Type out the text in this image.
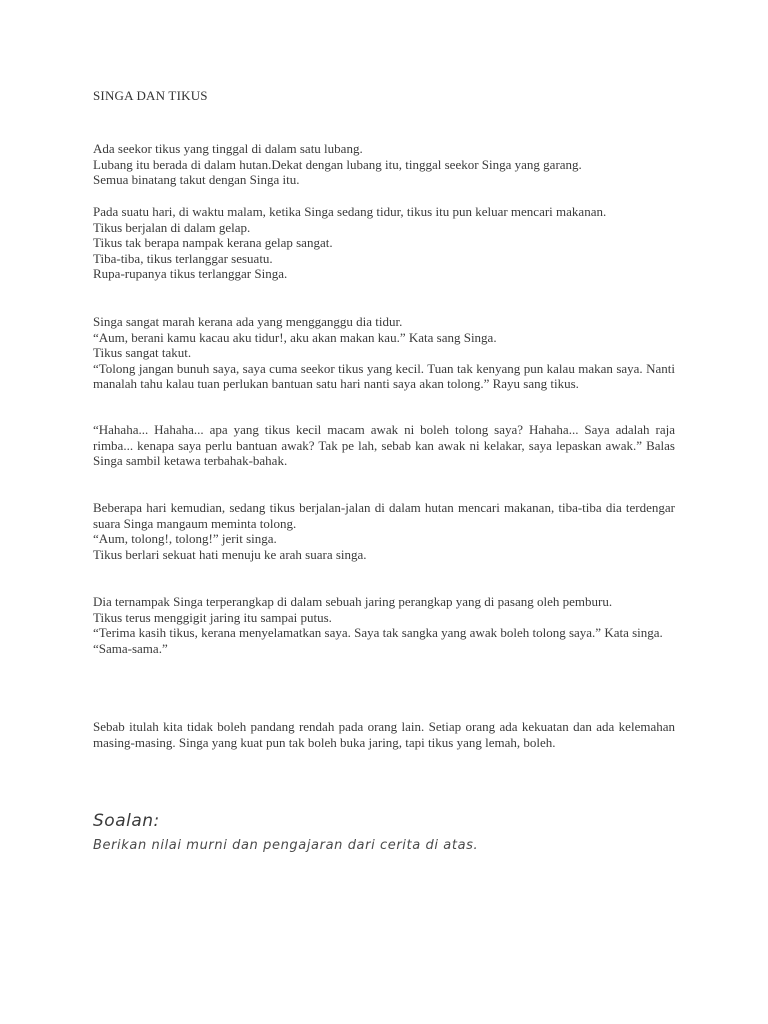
SINGA DAN TIKUS

Ada seekor tikus yang tinggal di dalam satu lubang.

Lubang itu berada di dalam hutan.Dekat dengan lubang itu, tinggal seekor Singa yang garang.

Semua binatang takut dengan Singa itu.

Pada suatu hari, di waktu malam, ketika Singa sedang tidur, tikus itu pun keluar mencari makanan.

Tikus berjalan di dalam gelap.

Tikus tak berapa nampak kerana gelap sangat.

Tiba-tiba, tikus terlanggar sesuatu.

Rupa-rupanya tikus terlanggar Singa.

Singa sangat marah kerana ada yang mengganggu dia tidur.

“Aum, berani kamu kacau aku tidur!, aku akan makan kau.” Kata sang Singa.

Tikus sangat takut.

“Tolong jangan bunuh saya, saya cuma seekor tikus yang kecil. Tuan tak kenyang pun kalau makan saya. Nanti manalah tahu kalau tuan perlukan bantuan satu hari nanti saya akan tolong.” Rayu sang tikus.

“Hahaha... Hahaha... apa yang tikus kecil macam awak ni boleh tolong saya? Hahaha... Saya adalah raja rimba... kenapa saya perlu bantuan awak? Tak pe lah, sebab kan awak ni kelakar, saya lepaskan awak.” Balas Singa sambil ketawa terbahak-bahak.

Beberapa hari kemudian, sedang tikus berjalan-jalan di dalam hutan mencari makanan, tiba-tiba dia terdengar suara Singa mangaum meminta tolong.

“Aum, tolong!, tolong!” jerit singa.

Tikus berlari sekuat hati menuju ke arah suara singa.

Dia ternampak Singa terperangkap di dalam sebuah jaring perangkap yang di pasang oleh pemburu.

Tikus terus menggigit jaring itu sampai putus.

“Terima kasih tikus, kerana menyelamatkan saya. Saya tak sangka yang awak boleh tolong saya.” Kata singa.

“Sama-sama.”

Sebab itulah kita tidak boleh pandang rendah pada orang lain. Setiap orang ada kekuatan dan ada kelemahan masing-masing. Singa yang kuat pun tak boleh buka jaring, tapi tikus yang lemah, boleh.

Soalan:
Berikan nilai murni dan pengajaran dari cerita di atas.
